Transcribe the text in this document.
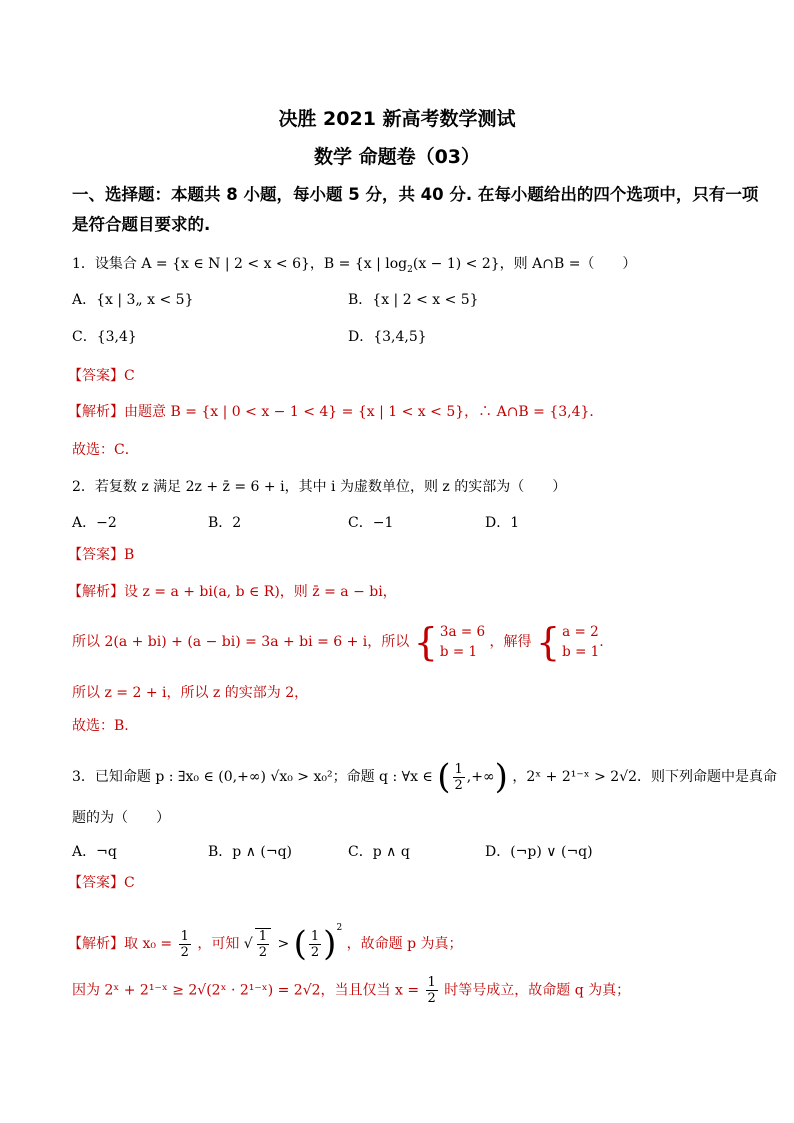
决胜 2021 新高考数学测试
数学 命题卷（03）
一、选择题：本题共 8 小题，每小题 5 分，共 40 分. 在每小题给出的四个选项中，只有一项
是符合题目要求的.
1．设集合 A = {x ∈ N | 2 < x < 6}，B = {x | $\log_2(x - 1) < 2$}，则 A∩B =（　　）
A．{x | 3„ x < 5}	B．{x | 2 < x < 5}
C．{3,4}	D．{3,4,5}
【答案】C
【解析】由题意 B = {x | 0 < x − 1 < 4} = {x | 1 < x < 5}，∴ A∩B = {3,4}．
故选：C．
2．若复数 z 满足 2z + z̄ = 6 + i，其中 i 为虚数单位，则 z 的实部为（　　）
A．−2	B．2	C．−1	D．1
【答案】B
【解析】设 z = a + bi(a, b ∈ R)，则 z̄ = a − bi，
所以 2(a + bi) + (a − bi) = 3a + bi = 6 + i，所以 { 3a = 6
b = 1
，解得 { a = 2
b = 1
.
所以 z = 2 + i，所以 z 的实部为 2，
故选：B.
3．已知命题 p : ∃x₀ ∈ (0,+∞) √x₀ > x₀²；命题 q : ∀x ∈ ( $\frac{1}{2}$ ,+∞) ，2ˣ + 2¹⁻ˣ > 2√2．则下列命题中是真命
题的为（　　）
A．¬q	B．p ∧ (¬q)	C．p ∧ q	D．(¬p) ∨ (¬q)
【答案】C
【解析】取 $x_0 = \frac{1}{2}$ ，可知 √ $\frac{1}{2}$ > ( $\frac{1}{2} )^2$ ，故命题 p 为真；
因为 2ˣ + 2¹⁻ˣ ≥ 2√(2ˣ · 2¹⁻ˣ) = 2√2，当且仅当 $x = \frac{1}{2}$ 时等号成立，故命题 q 为真；
